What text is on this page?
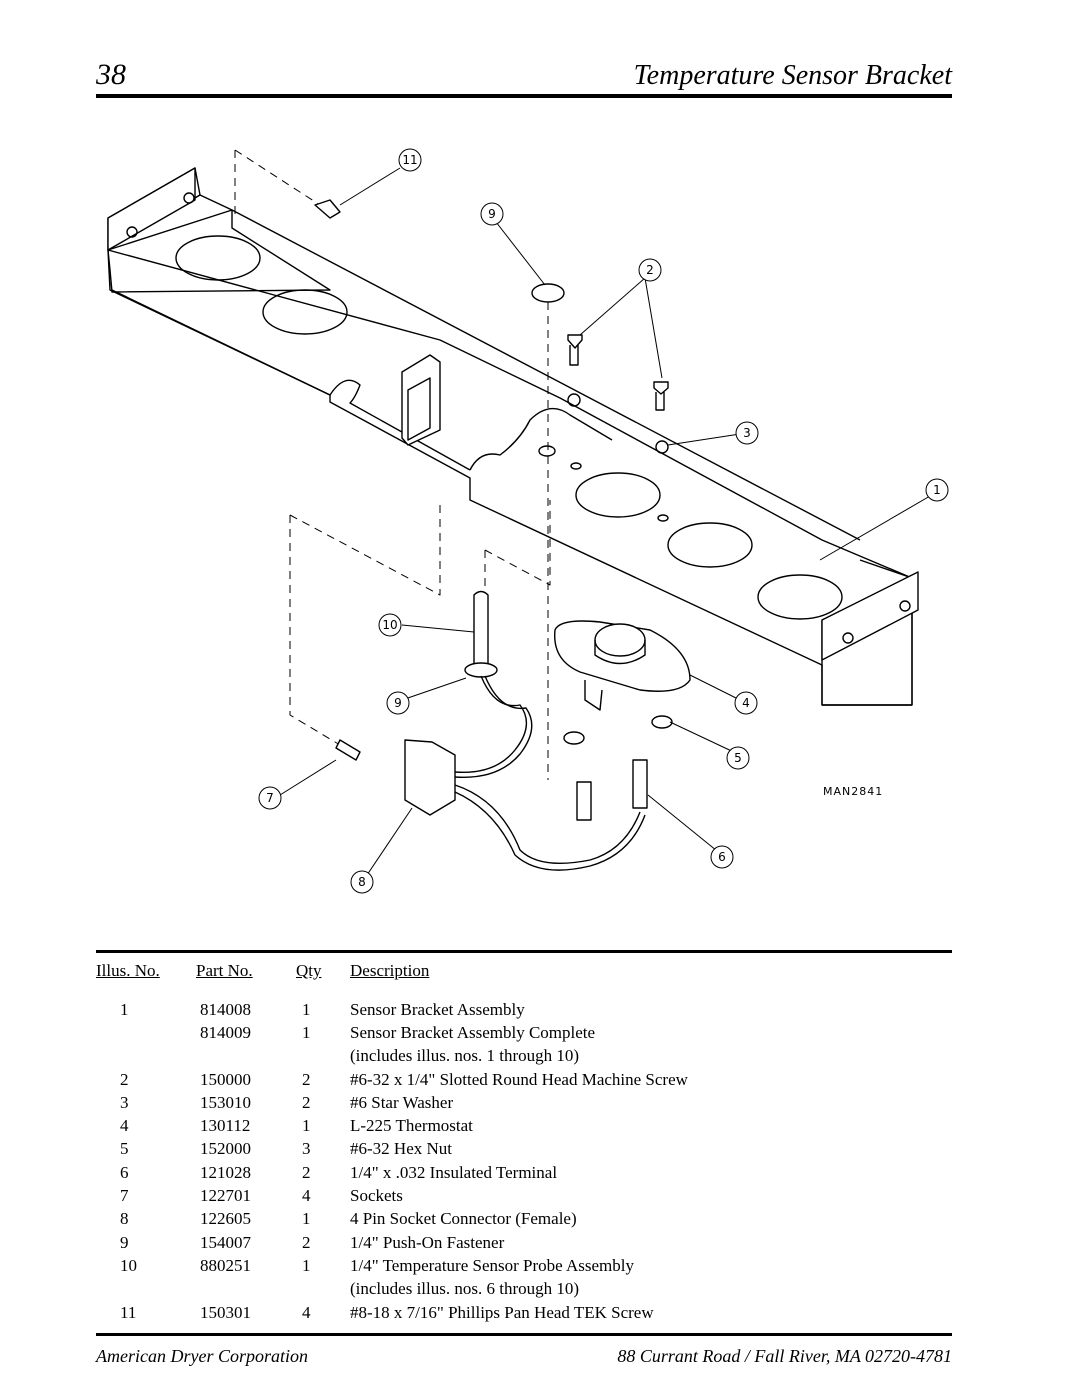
38	Temperature Sensor Bracket
11
9
2
3
1
10
9	4
5
7
6
8
MAN2841
Illus. No.	Part No.	Qty	Description

1	814008	1	Sensor Bracket Assembly
	814009	1	Sensor Bracket Assembly Complete
			(includes illus. nos. 1 through 10)
2	150000	2	#6-32 x 1/4" Slotted Round Head Machine Screw
3	153010	2	#6 Star Washer
4	130112	1	L-225 Thermostat
5	152000	3	#6-32 Hex Nut
6	121028	2	1/4" x .032 Insulated Terminal
7	122701	4	Sockets
8	122605	1	4 Pin Socket Connector (Female)
9	154007	2	1/4" Push-On Fastener
10	880251	1	1/4" Temperature Sensor Probe Assembly
			(includes illus. nos. 6 through 10)
11	150301	4	#8-18 x 7/16" Phillips Pan Head TEK Screw
American Dryer Corporation	88 Currant Road / Fall River, MA 02720-4781
